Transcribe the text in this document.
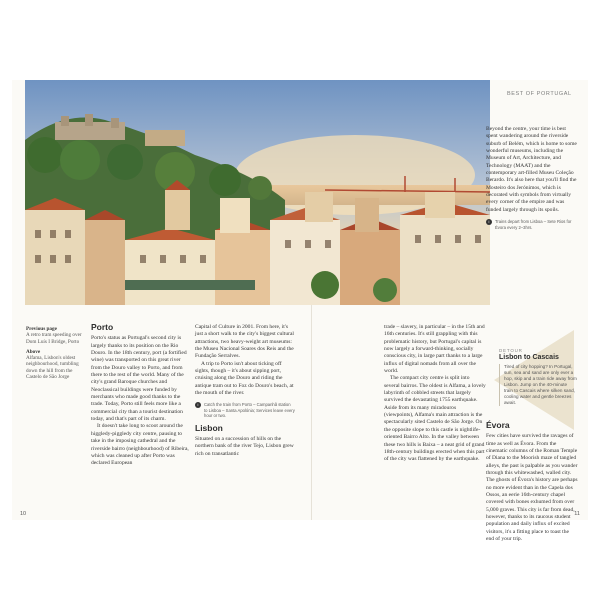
BEST OF PORTUGAL
Previous page
A retro tram speeding over Dom Luís I Bridge, Porto
Above
Alfama, Lisbon's oldest neighbourhood, tumbling down the hill from the Castelo de São Jorge
Porto

Porto's status as Portugal's second city is largely thanks to its position on the Rio Douro. In the 18th century, port (a fortified wine) was transported on this great river from the Douro valley to Porto, and from there to the rest of the world. Many of the city's grand Baroque churches and Neoclassical buildings were funded by merchants who made good thanks to the trade. Today, Porto still feels more like a commercial city than a tourist destination today, and that's part of its charm.

It doesn't take long to scoot around the higgledy-piggledy city centre, pausing to take in the imposing cathedral and the riverside bairro (neighbourhood) of Ribeira, which was cleaned up after Porto was declared European

Capital of Culture in 2001. From here, it's just a short walk to the city's biggest cultural attractions, two heavy-weight art museums: the Museu Nacional Soares dos Reis and the Fundação Serralves.

A trip to Porto isn't about ticking off sights, though – it's about sipping port, cruising along the Douro and riding the antique tram out to Foz do Douro's beach, at the mouth of the river.

i	Catch the train from Porto – Campanhã station to Lisboa – Santa Apolónia; Services leave every hour or two.
Lisbon

Situated on a succession of hills on the northern bank of the river Tejo, Lisbon grew rich on transatlantic

trade – slavery, in particular – in the 15th and 16th centuries. It's still grappling with this problematic history, but Portugal's capital is now largely a forward-thinking, socially conscious city, in large part thanks to a large influx of digital nomads from all over the world.

The compact city centre is split into several bairros. The oldest is Alfama, a lovely labyrinth of cobbled streets that largely survived the devastating 1755 earthquake. Aside from its many miradouros (viewpoints), Alfama's main attraction is the spectacularly sited Castelo de São Jorge. On the opposite slope to this castle is nightlife-oriented Bairro Alto. In the valley between these two hills is Baixa – a neat grid of grand 18th-century buildings erected when this part of the city was flattened by the earthquake.

Beyond the centre, your time is best spent wandering around the riverside suburb of Belém, which is home to some wonderful museums, including the Museum of Art, Architecture, and Technology (MAAT) and the contemporary art-filled Museu Coleção Berardo. It's also here that you'll find the Mosteiro dos Jerónimos, which is decorated with symbols from virtually every corner of the empire and was funded largely through its spoils.

i	Trains depart from Lisboa – Sete Rios for Évora every 2–3hrs.
DETOUR
Lisbon to Cascais
Tired of city hopping? In Portugal, sun, sea and sand are only ever a hop, skip and a train ride away from Lisbon. Jump on the 40-minute train to Cascais where silken sand, cooling water and gentle breezes await.
Évora

Few cities have survived the ravages of time as well as Évora. From the cinematic columns of the Roman Temple of Diana to the Moorish maze of tangled alleys, the past is palpable as you wander through this whitewashed, walled city. The ghosts of Évora's history are perhaps no more evident than in the Capela dos Ossos, an eerie 16th-century chapel covered with bones exhumed from over 5,000 graves. This city is far from dead, however, thanks to its raucous student population and daily influx of excited visitors, it's a fitting place to toast the end of your trip.

10	11
